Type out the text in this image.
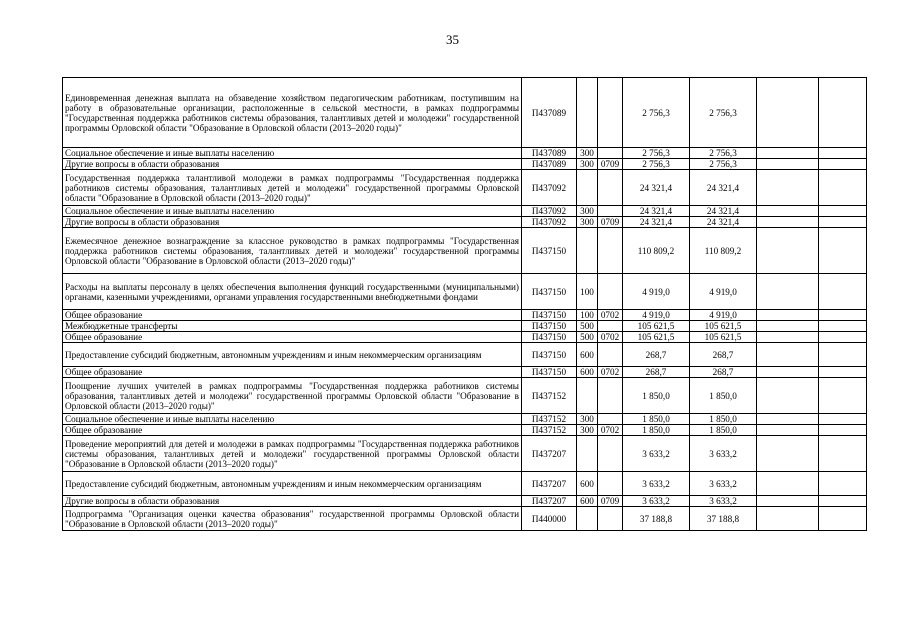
35
Единовременная денежная выплата на обзаведение хозяйством педагогическим работникам, поступившим на работу в образовательные организации, расположенные в сельской местности, в рамках подпрограммы "Государственная поддержка работников системы образования, талантливых детей и молодежи" государственной программы Орловской области "Образование в Орловской области (2013–2020 годы)"	П437089			2 756,3	2 756,3		
Социальное обеспечение и иные выплаты населению	П437089	300		2 756,3	2 756,3		
Другие вопросы в области образования	П437089	300	0709	2 756,3	2 756,3		
Государственная поддержка талантливой молодежи в рамках подпрограммы "Государственная поддержка работников системы образования, талантливых детей и молодежи" государственной программы Орловской области "Образование в Орловской области (2013–2020 годы)"	П437092			24 321,4	24 321,4		
Социальное обеспечение и иные выплаты населению	П437092	300		24 321,4	24 321,4		
Другие вопросы в области образования	П437092	300	0709	24 321,4	24 321,4		
Ежемесячное денежное вознаграждение за классное руководство в рамках подпрограммы "Государственная поддержка работников системы образования, талантливых детей и молодежи" государственной программы Орловской области "Образование в Орловской области (2013–2020 годы)"	П437150			110 809,2	110 809,2		
Расходы на выплаты персоналу в целях обеспечения выполнения функций государственными (муниципальными) органами, казенными учреждениями, органами управления государственными внебюджетными фондами	П437150	100		4 919,0	4 919,0		
Общее образование	П437150	100	0702	4 919,0	4 919,0		
Межбюджетные трансферты	П437150	500		105 621,5	105 621,5		
Общее образование	П437150	500	0702	105 621,5	105 621,5		
Предоставление субсидий бюджетным, автономным учреждениям и иным некоммерческим организациям	П437150	600		268,7	268,7		
Общее образование	П437150	600	0702	268,7	268,7		
Поощрение лучших учителей в рамках подпрограммы "Государственная поддержка работников системы образования, талантливых детей и молодежи" государственной программы Орловской области "Образование в Орловской области (2013–2020 годы)"	П437152			1 850,0	1 850,0		
Социальное обеспечение и иные выплаты населению	П437152	300		1 850,0	1 850,0		
Общее образование	П437152	300	0702	1 850,0	1 850,0		
Проведение мероприятий для детей и молодежи в рамках подпрограммы "Государственная поддержка работников системы образования, талантливых детей и молодежи" государственной программы Орловской области "Образование в Орловской области (2013–2020 годы)"	П437207			3 633,2	3 633,2		
Предоставление субсидий бюджетным, автономным учреждениям и иным некоммерческим организациям	П437207	600		3 633,2	3 633,2		
Другие вопросы в области образования	П437207	600	0709	3 633,2	3 633,2		
Подпрограмма "Организация оценки качества образования" государственной программы Орловской области "Образование в Орловской области (2013–2020 годы)"	П440000			37 188,8	37 188,8		
